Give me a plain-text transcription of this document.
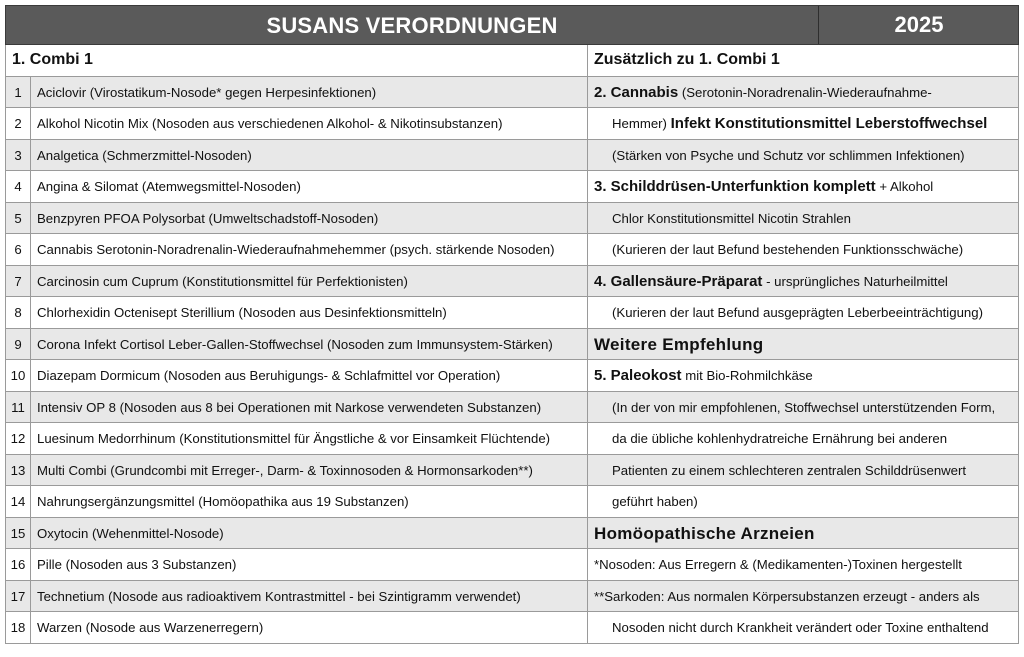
SUSANS VERORDNUNGEN	2025
1. Combi 1	Zusätzlich zu 1. Combi 1
1	Aciclovir (Virostatikum-Nosode* gegen Herpesinfektionen)	2. Cannabis (Serotonin-Noradrenalin-Wiederaufnahme-
2	Alkohol Nicotin Mix (Nosoden aus verschiedenen Alkohol- & Nikotinsubstanzen)	Hemmer) Infekt Konstitutionsmittel Leberstoffwechsel
3	Analgetica (Schmerzmittel-Nosoden)	(Stärken von Psyche und Schutz vor schlimmen Infektionen)
4	Angina & Silomat (Atemwegsmittel-Nosoden)	3. Schilddrüsen-Unterfunktion komplett + Alkohol
5	Benzpyren PFOA Polysorbat (Umweltschadstoff-Nosoden)	Chlor Konstitutionsmittel Nicotin Strahlen
6	Cannabis Serotonin-Noradrenalin-Wiederaufnahmehemmer (psych. stärkende Nosoden)	(Kurieren der laut Befund bestehenden Funktionsschwäche)
7	Carcinosin cum Cuprum (Konstitutionsmittel für Perfektionisten)	4. Gallensäure-Präparat - ursprüngliches Naturheilmittel
8	Chlorhexidin Octenisept Sterillium (Nosoden aus Desinfektionsmitteln)	(Kurieren der laut Befund ausgeprägten Leberbeeinträchtigung)
9	Corona Infekt Cortisol Leber-Gallen-Stoffwechsel (Nosoden zum Immunsystem-Stärken)	Weitere Empfehlung
10 Diazepam Dormicum (Nosoden aus Beruhigungs- & Schlafmittel vor Operation)	5. Paleokost mit Bio-Rohmilchkäse
11 Intensiv OP 8 (Nosoden aus 8 bei Operationen mit Narkose verwendeten Substanzen)	(In der von mir empfohlenen, Stoffwechsel unterstützenden Form,
12 Luesinum Medorrhinum (Konstitutionsmittel für Ängstliche & vor Einsamkeit Flüchtende)	da die übliche kohlenhydratreiche Ernährung bei anderen
13 Multi Combi (Grundcombi mit Erreger-, Darm- & Toxinnosoden & Hormonsarkoden**)	Patienten zu einem schlechteren zentralen Schilddrüsenwert
14 Nahrungsergänzungsmittel (Homöopathika aus 19 Substanzen)	geführt haben)
15 Oxytocin (Wehenmittel-Nosode)	Homöopathische Arzneien
16 Pille (Nosoden aus 3 Substanzen)	*Nosoden: Aus Erregern & (Medikamenten-)Toxinen hergestellt
17 Technetium (Nosode aus radioaktivem Kontrastmittel - bei Szintigramm verwendet)	**Sarkoden: Aus normalen Körpersubstanzen erzeugt - anders als
18 Warzen (Nosode aus Warzenerregern)	Nosoden nicht durch Krankheit verändert oder Toxine enthaltend
